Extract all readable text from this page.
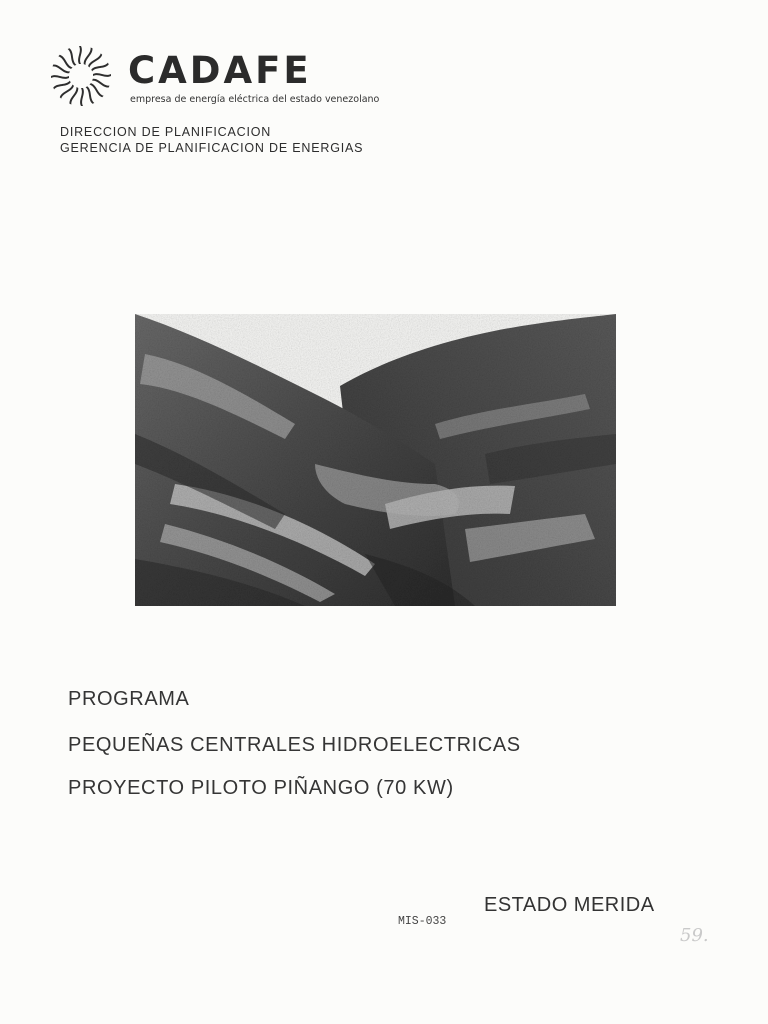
CADAFE
empresa de energía eléctrica del estado venezolano
DIRECCION DE PLANIFICACION
GERENCIA DE PLANIFICACION DE ENERGIAS
PROGRAMA
PEQUEÑAS CENTRALES HIDROELECTRICAS
PROYECTO PILOTO PIÑANGO (70 KW)
ESTADO MERIDA
MIS-033
59.
